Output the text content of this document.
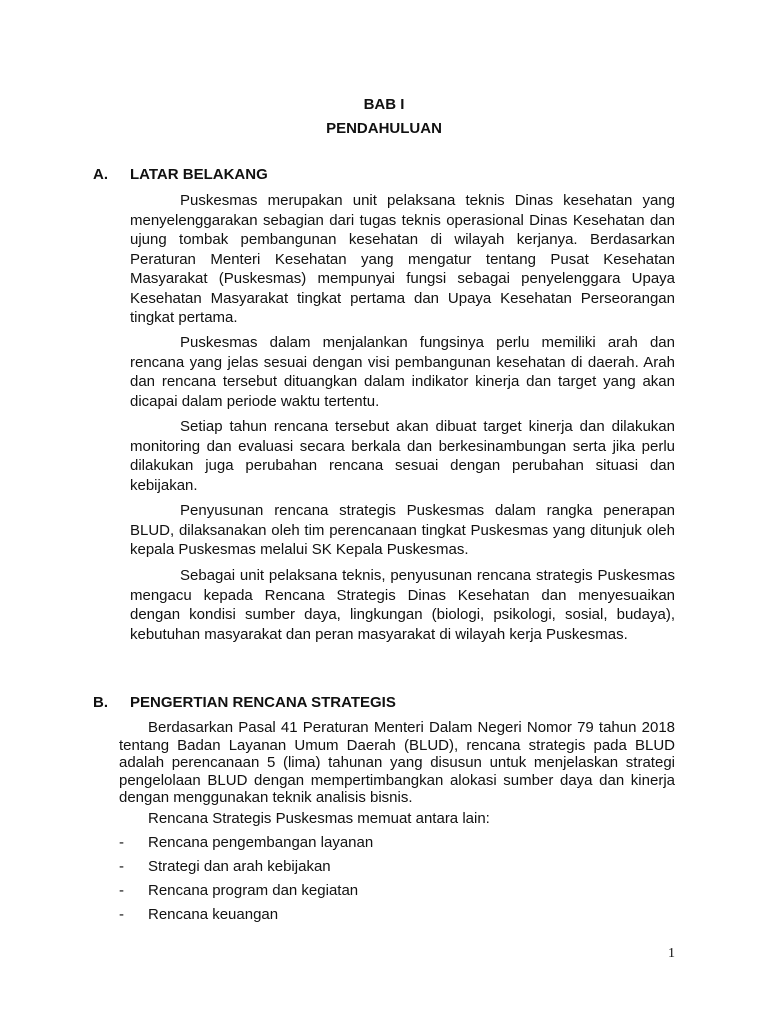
BAB I
PENDAHULUAN
A. LATAR BELAKANG

Puskesmas merupakan unit pelaksana teknis Dinas kesehatan yang menyelenggarakan sebagian dari tugas teknis operasional Dinas Kesehatan dan ujung tombak pembangunan kesehatan di wilayah kerjanya. Berdasarkan Peraturan Menteri Kesehatan yang mengatur tentang Pusat Kesehatan Masyarakat (Puskesmas) mempunyai fungsi sebagai penyelenggara Upaya Kesehatan Masyarakat tingkat pertama dan Upaya Kesehatan Perseorangan tingkat pertama.

Puskesmas dalam menjalankan fungsinya perlu memiliki arah dan rencana yang jelas sesuai dengan visi pembangunan kesehatan di daerah. Arah dan rencana tersebut dituangkan dalam indikator kinerja dan target yang akan dicapai dalam periode waktu tertentu.

Setiap tahun rencana tersebut akan dibuat target kinerja dan dilakukan monitoring dan evaluasi secara berkala dan berkesinambungan serta jika perlu dilakukan juga perubahan rencana sesuai dengan perubahan situasi dan kebijakan.

Penyusunan rencana strategis Puskesmas dalam rangka penerapan BLUD, dilaksanakan oleh tim perencanaan tingkat Puskesmas yang ditunjuk oleh kepala Puskesmas melalui SK Kepala Puskesmas.

Sebagai unit pelaksana teknis, penyusunan rencana strategis Puskesmas mengacu kepada Rencana Strategis Dinas Kesehatan dan menyesuaikan dengan kondisi sumber daya, lingkungan (biologi, psikologi, sosial, budaya), kebutuhan masyarakat dan peran masyarakat di wilayah kerja Puskesmas.

B. PENGERTIAN RENCANA STRATEGIS

Berdasarkan Pasal 41 Peraturan Menteri Dalam Negeri Nomor 79 tahun 2018 tentang Badan Layanan Umum Daerah (BLUD), rencana strategis pada BLUD adalah perencanaan 5 (lima) tahunan yang disusun untuk menjelaskan strategi pengelolaan BLUD dengan mempertimbangkan alokasi sumber daya dan kinerja dengan menggunakan teknik analisis bisnis.

Rencana Strategis Puskesmas memuat antara lain:

- Rencana pengembangan layanan
- Strategi dan arah kebijakan
- Rencana program dan kegiatan
- Rencana keuangan
1
